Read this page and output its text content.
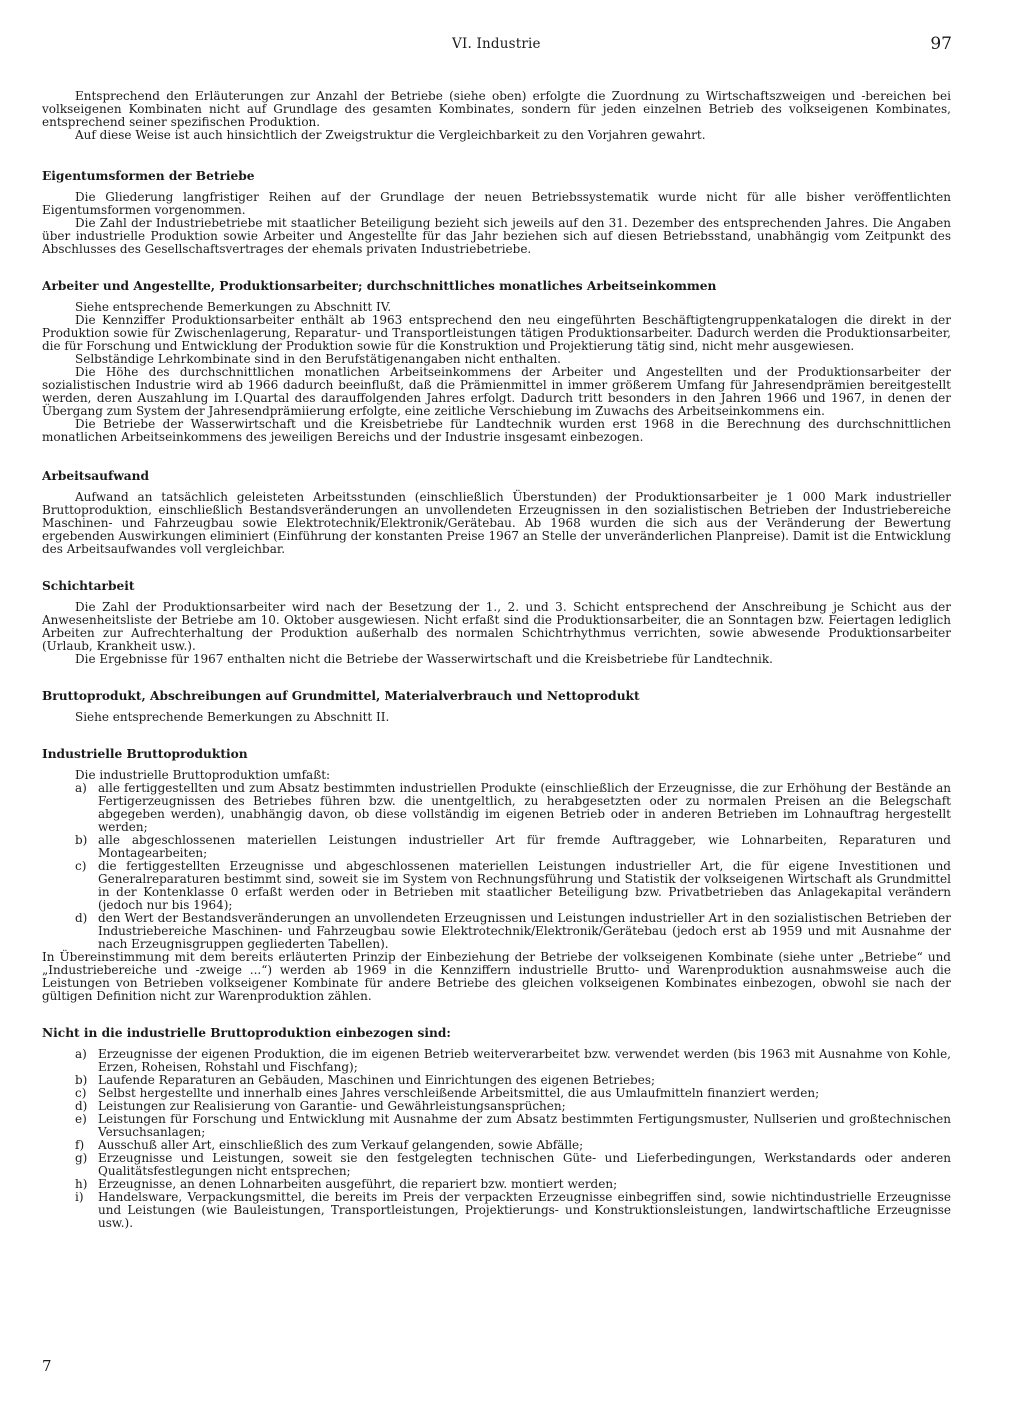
VI. Industrie	97

Entsprechend den Erläuterungen zur Anzahl der Betriebe (siehe oben) erfolgte die Zuordnung zu Wirtschaftszweigen und -bereichen bei volkseigenen Kombinaten nicht auf Grundlage des gesamten Kombinates, sondern für jeden einzelnen Betrieb des volkseigenen Kombinates, entsprechend seiner spezifischen Produktion.

Auf diese Weise ist auch hinsichtlich der Zweigstruktur die Vergleichbarkeit zu den Vorjahren gewahrt.

Eigentumsformen der Betriebe

Die Gliederung langfristiger Reihen auf der Grundlage der neuen Betriebssystematik wurde nicht für alle bisher veröffentlichten Eigentumsformen vorgenommen.

Die Zahl der Industriebetriebe mit staatlicher Beteiligung bezieht sich jeweils auf den 31. Dezember des entsprechenden Jahres. Die Angaben über industrielle Produktion sowie Arbeiter und Angestellte für das Jahr beziehen sich auf diesen Betriebsstand, unabhängig vom Zeitpunkt des Abschlusses des Gesellschaftsvertrages der ehemals privaten Industriebetriebe.

Arbeiter und Angestellte, Produktionsarbeiter; durchschnittliches monatliches Arbeitseinkommen

Siehe entsprechende Bemerkungen zu Abschnitt IV.

Die Kennziffer Produktionsarbeiter enthält ab 1963 entsprechend den neu eingeführten Beschäftigtengruppenkatalogen die direkt in der Produktion sowie für Zwischenlagerung, Reparatur- und Transportleistungen tätigen Produktionsarbeiter. Dadurch werden die Produktionsarbeiter, die für Forschung und Entwicklung der Produktion sowie für die Konstruktion und Projektierung tätig sind, nicht mehr ausgewiesen.

Selbständige Lehrkombinate sind in den Berufstätigenangaben nicht enthalten.

Die Höhe des durchschnittlichen monatlichen Arbeitseinkommens der Arbeiter und Angestellten und der Produktionsarbeiter der sozialistischen Industrie wird ab 1966 dadurch beeinflußt, daß die Prämienmittel in immer größerem Umfang für Jahresendprämien bereitgestellt werden, deren Auszahlung im I.Quartal des darauffolgenden Jahres erfolgt. Dadurch tritt besonders in den Jahren 1966 und 1967, in denen der Übergang zum System der Jahresendprämiierung erfolgte, eine zeitliche Verschiebung im Zuwachs des Arbeitseinkommens ein.

Die Betriebe der Wasserwirtschaft und die Kreisbetriebe für Landtechnik wurden erst 1968 in die Berechnung des durchschnittlichen monatlichen Arbeitseinkommens des jeweiligen Bereichs und der Industrie insgesamt einbezogen.

Arbeitsaufwand

Aufwand an tatsächlich geleisteten Arbeitsstunden (einschließlich Überstunden) der Produktionsarbeiter je 1 000 Mark industrieller Bruttoproduktion, einschließlich Bestandsveränderungen an unvollendeten Erzeugnissen in den sozialistischen Betrieben der Industriebereiche Maschinen- und Fahrzeugbau sowie Elektrotechnik/Elektronik/Gerätebau. Ab 1968 wurden die sich aus der Veränderung der Bewertung ergebenden Auswirkungen eliminiert (Einführung der konstanten Preise 1967 an Stelle der unveränderlichen Planpreise). Damit ist die Entwicklung des Arbeitsaufwandes voll vergleichbar.

Schichtarbeit

Die Zahl der Produktionsarbeiter wird nach der Besetzung der 1., 2. und 3. Schicht entsprechend der Anschreibung je Schicht aus der Anwesenheitsliste der Betriebe am 10. Oktober ausgewiesen. Nicht erfaßt sind die Produktionsarbeiter, die an Sonntagen bzw. Feiertagen lediglich Arbeiten zur Aufrechterhaltung der Produktion außerhalb des normalen Schichtrhythmus verrichten, sowie abwesende Produktionsarbeiter (Urlaub, Krankheit usw.).

Die Ergebnisse für 1967 enthalten nicht die Betriebe der Wasserwirtschaft und die Kreisbetriebe für Landtechnik.

Bruttoprodukt, Abschreibungen auf Grundmittel, Materialverbrauch und Nettoprodukt

Siehe entsprechende Bemerkungen zu Abschnitt II.

Industrielle Bruttoproduktion

Die industrielle Bruttoproduktion umfaßt:

a) alle fertiggestellten und zum Absatz bestimmten industriellen Produkte (einschließlich der Erzeugnisse, die zur Erhöhung der Bestände an Fertigerzeugnissen des Betriebes führen bzw. die unentgeltlich, zu herabgesetzten oder zu normalen Preisen an die Belegschaft abgegeben werden), unabhängig davon, ob diese vollständig im eigenen Betrieb oder in anderen Betrieben im Lohnauftrag hergestellt werden;
b) alle abgeschlossenen materiellen Leistungen industrieller Art für fremde Auftraggeber, wie Lohnarbeiten, Reparaturen und Montagearbeiten;
c) die fertiggestellten Erzeugnisse und abgeschlossenen materiellen Leistungen industrieller Art, die für eigene Investitionen und Generalreparaturen bestimmt sind, soweit sie im System von Rechnungsführung und Statistik der volkseigenen Wirtschaft als Grundmittel in der Kontenklasse 0 erfaßt werden oder in Betrieben mit staatlicher Beteiligung bzw. Privatbetrieben das Anlagekapital verändern (jedoch nur bis 1964);
d) den Wert der Bestandsveränderungen an unvollendeten Erzeugnissen und Leistungen industrieller Art in den sozialistischen Betrieben der Industriebereiche Maschinen- und Fahrzeugbau sowie Elektrotechnik/Elektronik/Gerätebau (jedoch erst ab 1959 und mit Ausnahme der nach Erzeugnisgruppen gegliederten Tabellen).

In Übereinstimmung mit dem bereits erläuterten Prinzip der Einbeziehung der Betriebe der volkseigenen Kombinate (siehe unter „Betriebe“ und „Industriebereiche und -zweige ...“) werden ab 1969 in die Kennziffern industrielle Brutto- und Warenproduktion ausnahmsweise auch die Leistungen von Betrieben volkseigener Kombinate für andere Betriebe des gleichen volkseigenen Kombinates einbezogen, obwohl sie nach der gültigen Definition nicht zur Warenproduktion zählen.

Nicht in die industrielle Bruttoproduktion einbezogen sind:
a) Erzeugnisse der eigenen Produktion, die im eigenen Betrieb weiterverarbeitet bzw. verwendet werden (bis 1963 mit Ausnahme von Kohle, Erzen, Roheisen, Rohstahl und Fischfang);
b) Laufende Reparaturen an Gebäuden, Maschinen und Einrichtungen des eigenen Betriebes;
c) Selbst hergestellte und innerhalb eines Jahres verschleißende Arbeitsmittel, die aus Umlaufmitteln finanziert werden;
d) Leistungen zur Realisierung von Garantie- und Gewährleistungsansprüchen;
e) Leistungen für Forschung und Entwicklung mit Ausnahme der zum Absatz bestimmten Fertigungsmuster, Nullserien und großtechnischen Versuchsanlagen;
f) Ausschuß aller Art, einschließlich des zum Verkauf gelangenden, sowie Abfälle;
g) Erzeugnisse und Leistungen, soweit sie den festgelegten technischen Güte- und Lieferbedingungen, Werkstandards oder anderen Qualitätsfestlegungen nicht entsprechen;
h) Erzeugnisse, an denen Lohnarbeiten ausgeführt, die repariert bzw. montiert werden;
i) Handelsware, Verpackungsmittel, die bereits im Preis der verpackten Erzeugnisse einbegriffen sind, sowie nichtindustrielle Erzeugnisse und Leistungen (wie Bauleistungen, Transportleistungen, Projektierungs- und Konstruktionsleistungen, landwirtschaftliche Erzeugnisse usw.).
7
